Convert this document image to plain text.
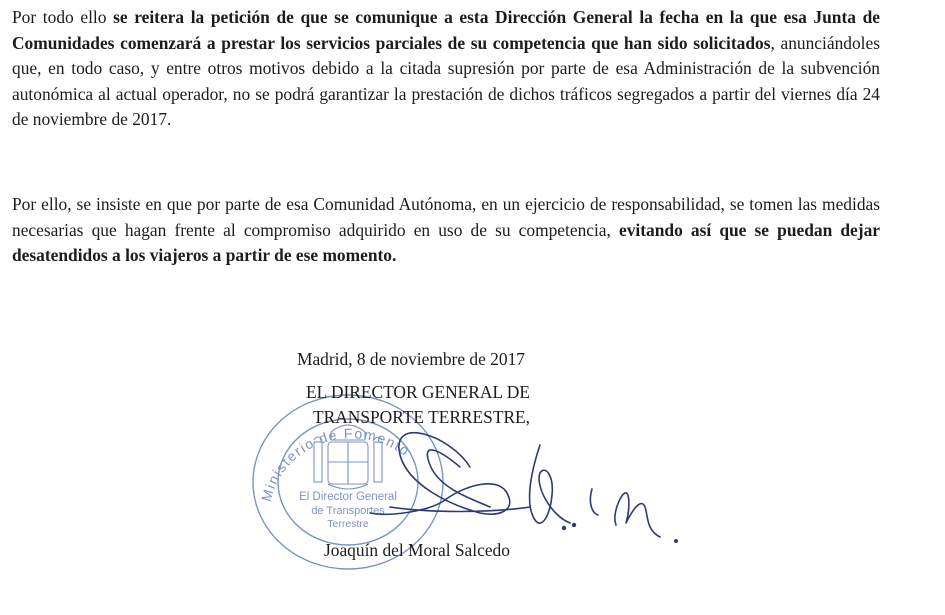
Por todo ello se reitera la petición de que se comunique a esta Dirección General la fecha en la que esa Junta de Comunidades comenzará a prestar los servicios parciales de su competencia que han sido solicitados, anunciándoles que, en todo caso, y entre otros motivos debido a la citada supresión por parte de esa Administración de la subvención autonómica al actual operador, no se podrá garantizar la prestación de dichos tráficos segregados a partir del viernes día 24 de noviembre de 2017.

Por ello, se insiste en que por parte de esa Comunidad Autónoma, en un ejercicio de responsabilidad, se tomen las medidas necesarias que hagan frente al compromiso adquirido en uso de su competencia, evitando así que se puedan dejar desatendidos a los viajeros a partir de ese momento.

Ministerio de Fomento
El Director General
de Transportes
Terrestre
Madrid, 8 de noviembre de 2017
EL DIRECTOR GENERAL DE
TRANSPORTE TERRESTRE,
Joaquín del Moral Salcedo
